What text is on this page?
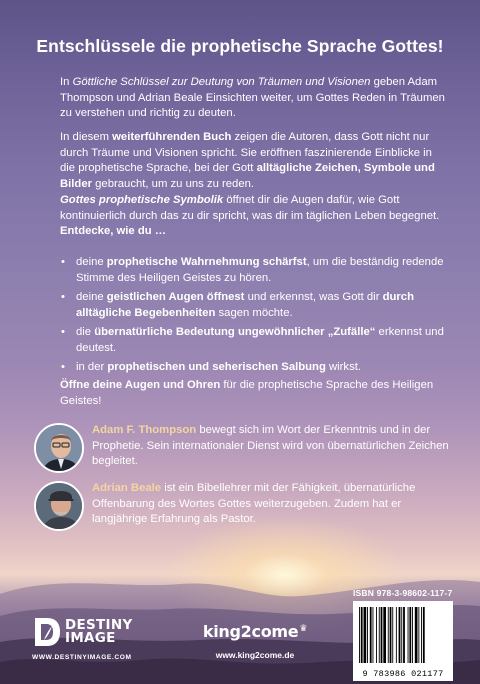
Entschlüssele die prophetische Sprache Gottes!

In Göttliche Schlüssel zur Deutung von Träumen und Visionen geben Adam Thompson und Adrian Beale Einsichten weiter, um Gottes Reden in Träumen zu verstehen und richtig zu deuten.

In diesem weiterführenden Buch zeigen die Autoren, dass Gott nicht nur durch Träume und Visionen spricht. Sie eröffnen faszinierende Einblicke in die prophetische Sprache, bei der Gott alltägliche Zeichen, Symbole und Bilder gebraucht, um zu uns zu reden.

Gottes prophetische Symbolik öffnet dir die Augen dafür, wie Gott kontinuierlich durch das zu dir spricht, was dir im täglichen Leben begegnet. Entdecke, wie du …

• deine prophetische Wahrnehmung schärfst, um die beständig redende Stimme des Heiligen Geistes zu hören.
• deine geistlichen Augen öffnest und erkennst, was Gott dir durch alltägliche Begebenheiten sagen möchte.
• die übernatürliche Bedeutung ungewöhnlicher „Zufälle“ erkennst und deutest.
• in der prophetischen und seherischen Salbung wirkst.

Öffne deine Augen und Ohren für die prophetische Sprache des Heiligen Geistes!

Adam F. Thompson bewegt sich im Wort der Erkenntnis und in der Prophetie. Sein internationaler Dienst wird von übernatürlichen Zeichen begleitet.

Adrian Beale ist ein Bibellehrer mit der Fähigkeit, übernatürliche Offenbarung des Wortes Gottes weiterzugeben. Zudem hat er langjährige Erfahrung als Pastor.

DESTINY
IMAGE
WWW.DESTINYIMAGE.COM
king2come♛
www.king2come.de
ISBN 978-3-98602-117-7
9 783986 021177
